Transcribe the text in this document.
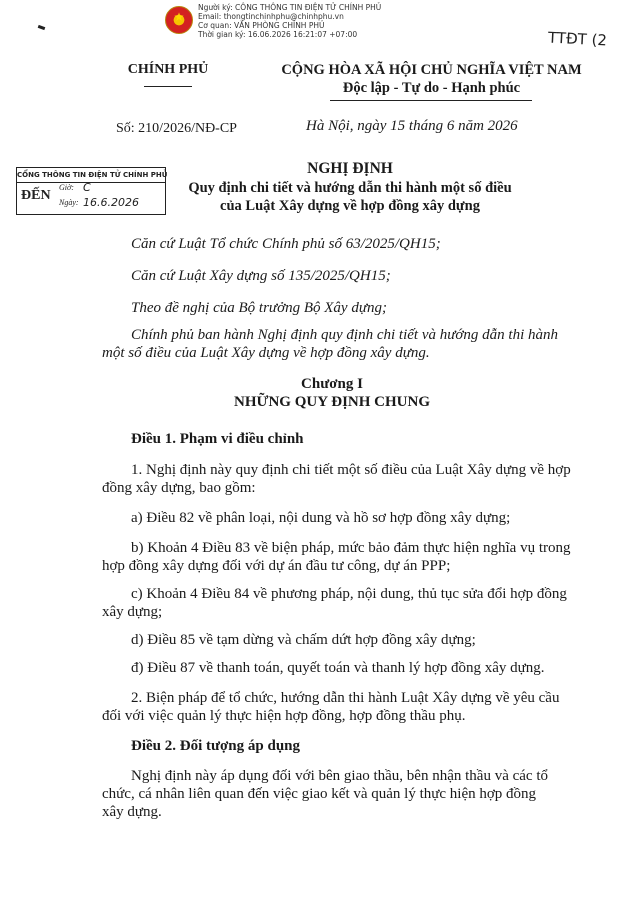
★
Người ký: CÔNG THÔNG TIN ĐIỆN TỬ CHÍNH PHỦ
Email: thongtinchinhphu@chinhphu.vn
Cơ quan: VĂN PHÒNG CHÍNH PHỦ
Thời gian ký: 16.06.2026 16:21:07 +07:00	TTĐT (2
CHÍNH PHỦ	CỘNG HÒA XÃ HỘI CHỦ NGHĨA VIỆT NAM
Độc lập - Tự do - Hạnh phúc
Số: 210/2026/NĐ-CP	Hà Nội, ngày 15 tháng 6 năm 2026
CỔNG THÔNG TIN ĐIỆN TỬ CHÍNH PHỦ
ĐẾN
Giờ: C
Ngày: 16.6.2026
NGHỊ ĐỊNH
Quy định chi tiết và hướng dẫn thi hành một số điều
của Luật Xây dựng về hợp đồng xây dựng
Căn cứ Luật Tổ chức Chính phủ số 63/2025/QH15;
Căn cứ Luật Xây dựng số 135/2025/QH15;
Theo đề nghị của Bộ trưởng Bộ Xây dựng;
Chính phủ ban hành Nghị định quy định chi tiết và hướng dẫn thi hành
một số điều của Luật Xây dựng về hợp đồng xây dựng.
Chương I
NHỮNG QUY ĐỊNH CHUNG
Điều 1. Phạm vi điều chỉnh
1. Nghị định này quy định chi tiết một số điều của Luật Xây dựng về hợp
đồng xây dựng, bao gồm:
a) Điều 82 về phân loại, nội dung và hồ sơ hợp đồng xây dựng;
b) Khoản 4 Điều 83 về biện pháp, mức bảo đảm thực hiện nghĩa vụ trong
hợp đồng xây dựng đối với dự án đầu tư công, dự án PPP;
c) Khoản 4 Điều 84 về phương pháp, nội dung, thủ tục sửa đổi hợp đồng
xây dựng;
d) Điều 85 về tạm dừng và chấm dứt hợp đồng xây dựng;
đ) Điều 87 về thanh toán, quyết toán và thanh lý hợp đồng xây dựng.
2. Biện pháp để tổ chức, hướng dẫn thi hành Luật Xây dựng về yêu cầu
đối với việc quản lý thực hiện hợp đồng, hợp đồng thầu phụ.
Điều 2. Đối tượng áp dụng
Nghị định này áp dụng đối với bên giao thầu, bên nhận thầu và các tổ
chức, cá nhân liên quan đến việc giao kết và quản lý thực hiện hợp đồng
xây dựng.
